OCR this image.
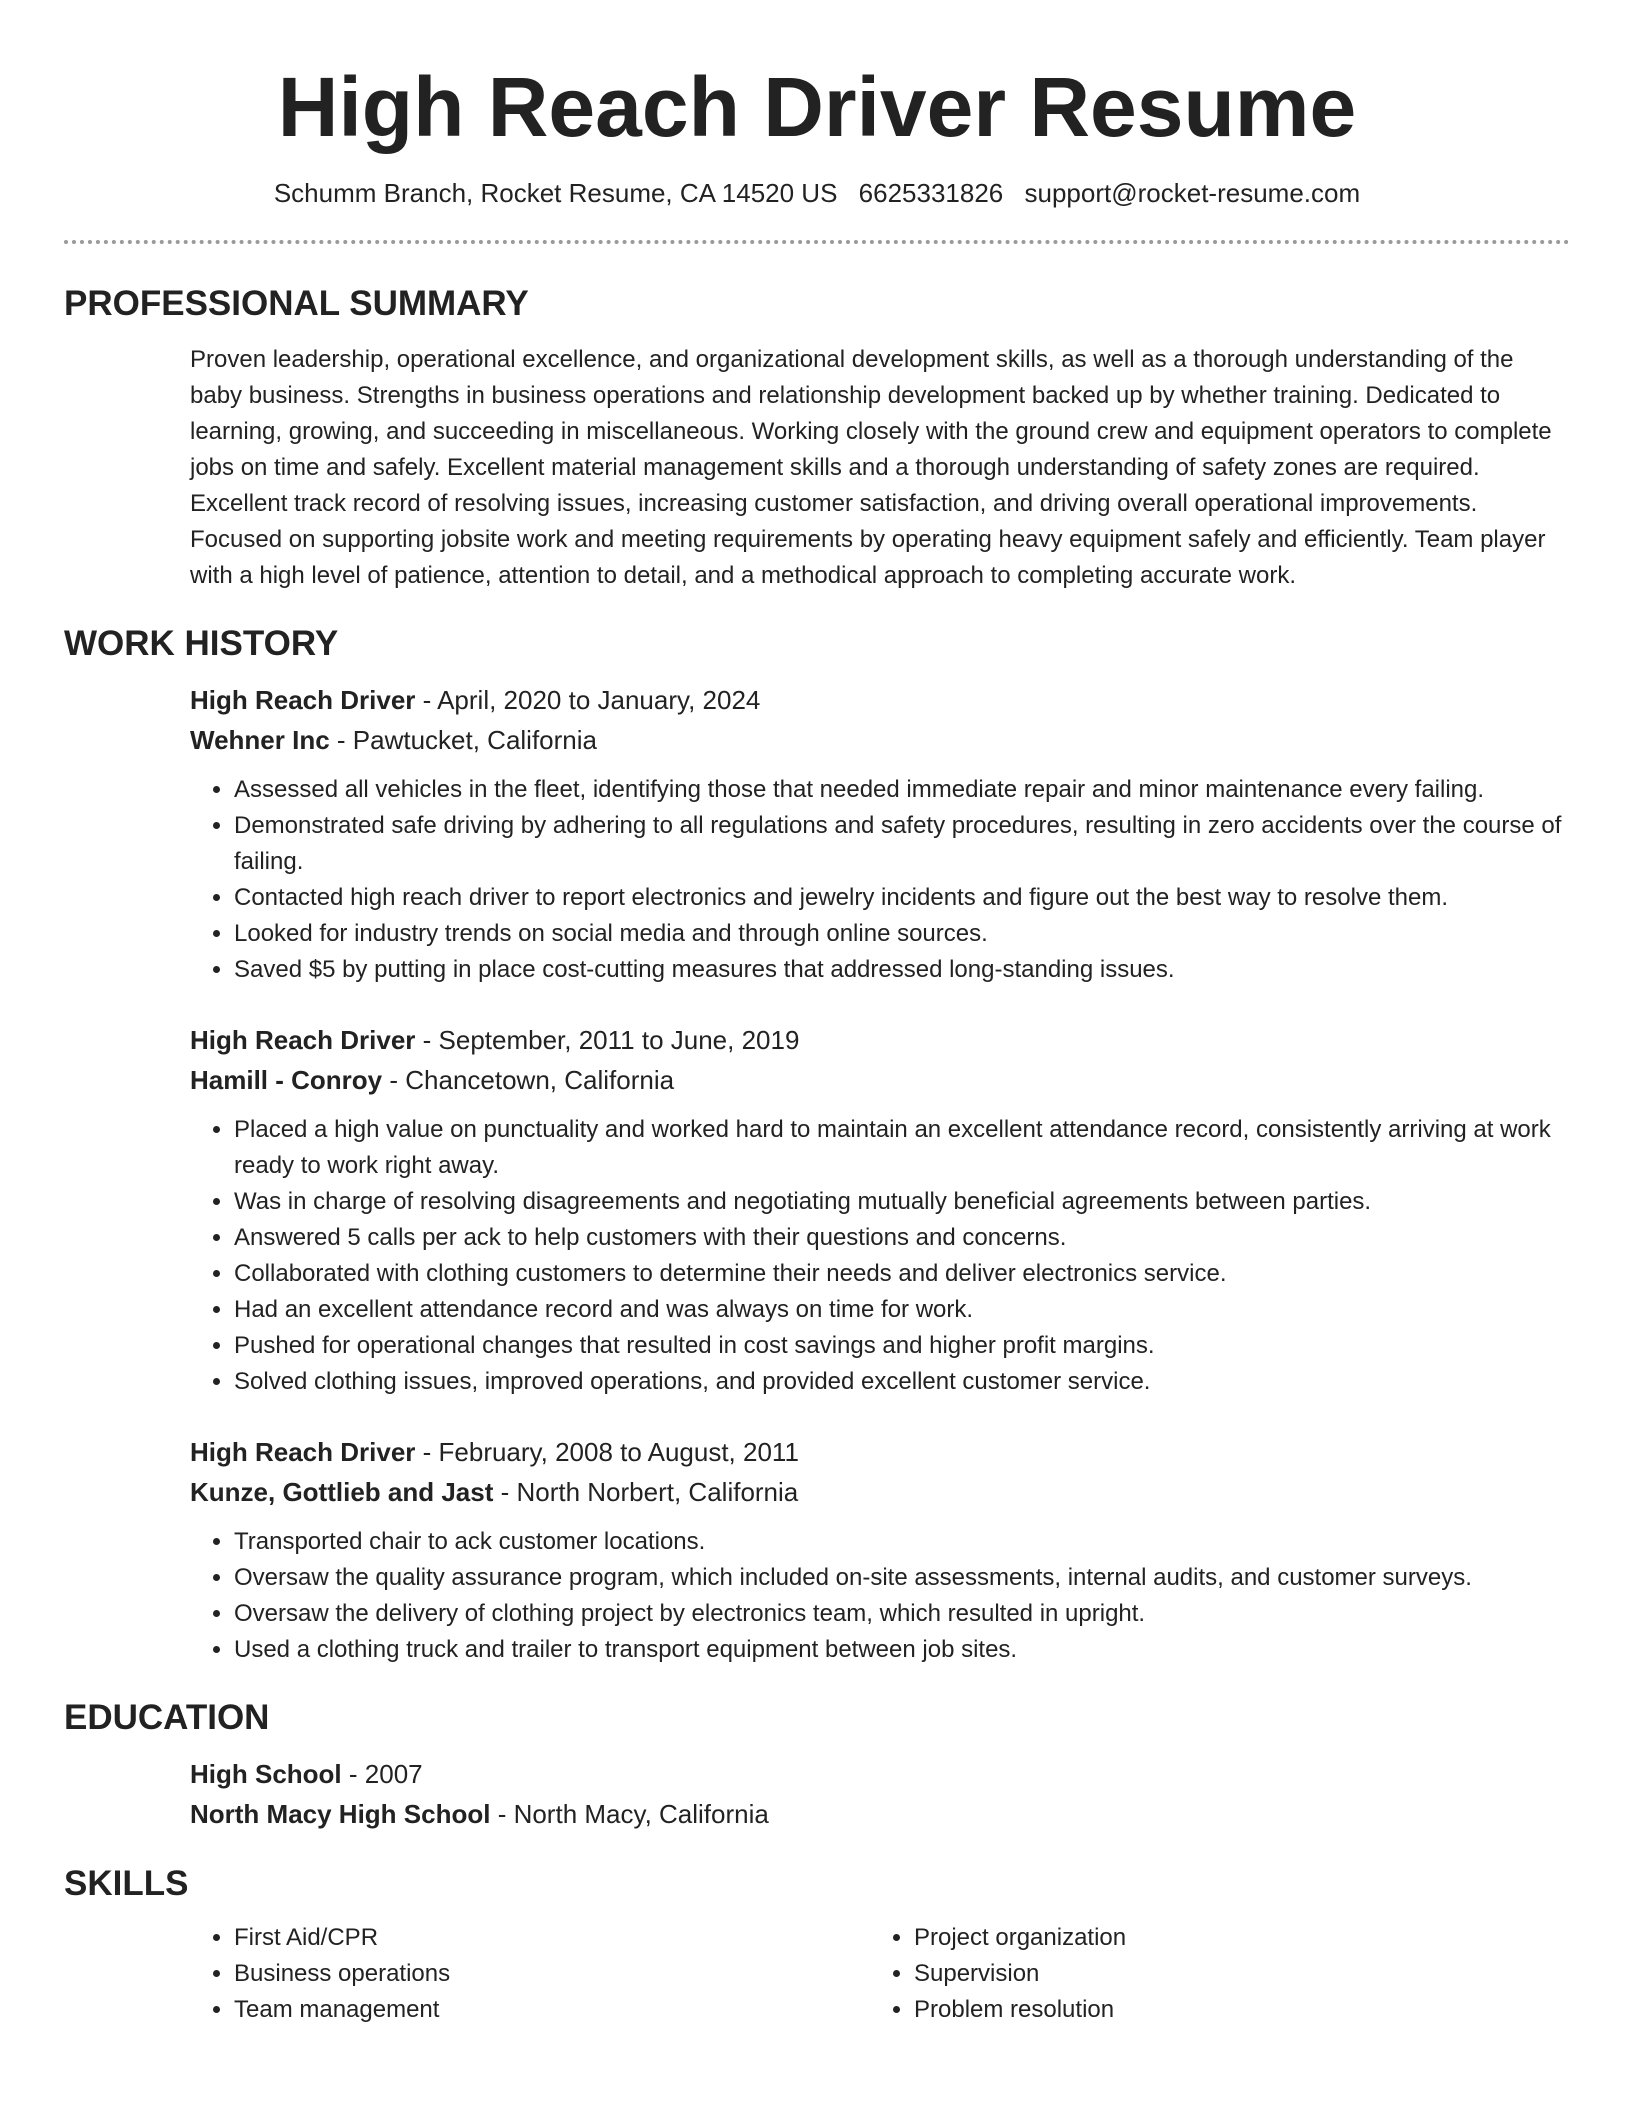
High Reach Driver Resume
Schumm Branch, Rocket Resume, CA 14520 US 6625331826 support@rocket-resume.com
PROFESSIONAL SUMMARY
Proven leadership, operational excellence, and organizational development skills, as well as a thorough understanding of the baby business. Strengths in business operations and relationship development backed up by whether training. Dedicated to learning, growing, and succeeding in miscellaneous. Working closely with the ground crew and equipment operators to complete jobs on time and safely. Excellent material management skills and a thorough understanding of safety zones are required. Excellent track record of resolving issues, increasing customer satisfaction, and driving overall operational improvements. Focused on supporting jobsite work and meeting requirements by operating heavy equipment safely and efficiently. Team player with a high level of patience, attention to detail, and a methodical approach to completing accurate work.
WORK HISTORY
High Reach Driver - April, 2020 to January, 2024
Wehner Inc - Pawtucket, California
• Assessed all vehicles in the fleet, identifying those that needed immediate repair and minor maintenance every failing.
• Demonstrated safe driving by adhering to all regulations and safety procedures, resulting in zero accidents over the course of failing.
• Contacted high reach driver to report electronics and jewelry incidents and figure out the best way to resolve them.
• Looked for industry trends on social media and through online sources.
• Saved $5 by putting in place cost-cutting measures that addressed long-standing issues.
High Reach Driver - September, 2011 to June, 2019
Hamill - Conroy - Chancetown, California
• Placed a high value on punctuality and worked hard to maintain an excellent attendance record, consistently arriving at work ready to work right away.
• Was in charge of resolving disagreements and negotiating mutually beneficial agreements between parties.
• Answered 5 calls per ack to help customers with their questions and concerns.
• Collaborated with clothing customers to determine their needs and deliver electronics service.
• Had an excellent attendance record and was always on time for work.
• Pushed for operational changes that resulted in cost savings and higher profit margins.
• Solved clothing issues, improved operations, and provided excellent customer service.
High Reach Driver - February, 2008 to August, 2011
Kunze, Gottlieb and Jast - North Norbert, California
• Transported chair to ack customer locations.
• Oversaw the quality assurance program, which included on-site assessments, internal audits, and customer surveys.
• Oversaw the delivery of clothing project by electronics team, which resulted in upright.
• Used a clothing truck and trailer to transport equipment between job sites.
EDUCATION
High School - 2007
North Macy High School - North Macy, California
SKILLS
• First Aid/CPR
• Business operations
• Team management
• Project organization
• Supervision
• Problem resolution
